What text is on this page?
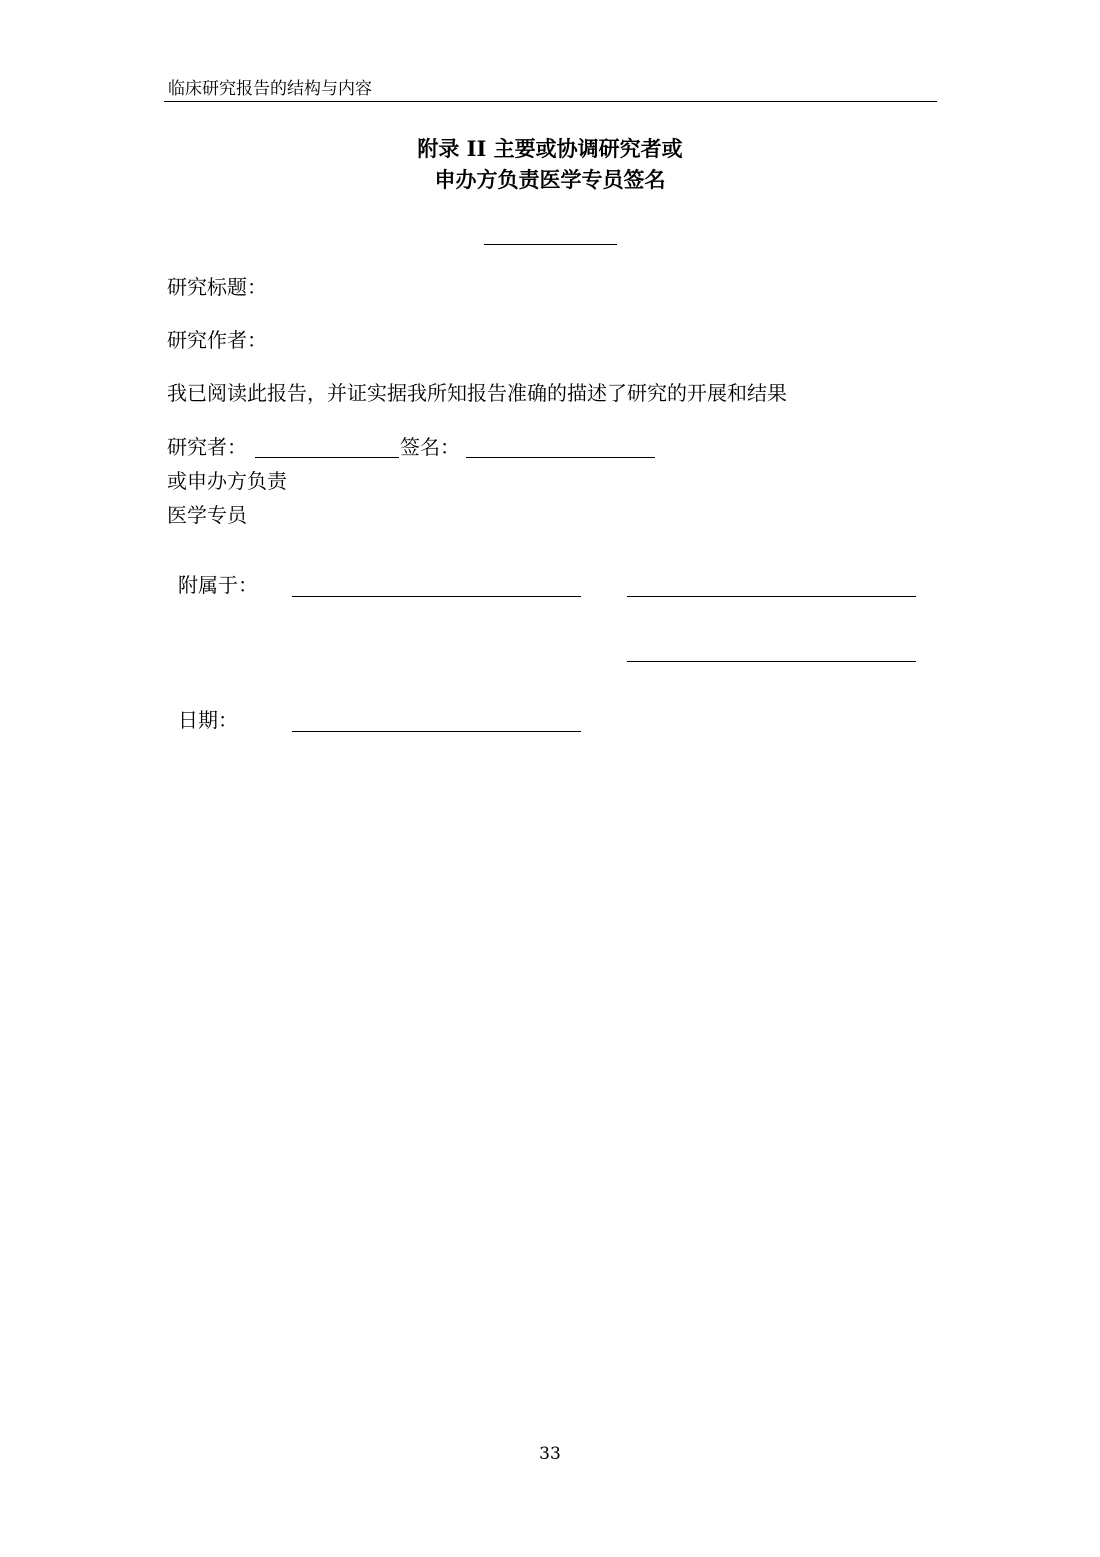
临床研究报告的结构与内容
附录 II 主要或协调研究者或
申办方负责医学专员签名
研究标题：
研究作者：
我已阅读此报告，并证实据我所知报告准确的描述了研究的开展和结果
研究者：	签名：
或申办方负责
医学专员
附属于：
日期：
33
